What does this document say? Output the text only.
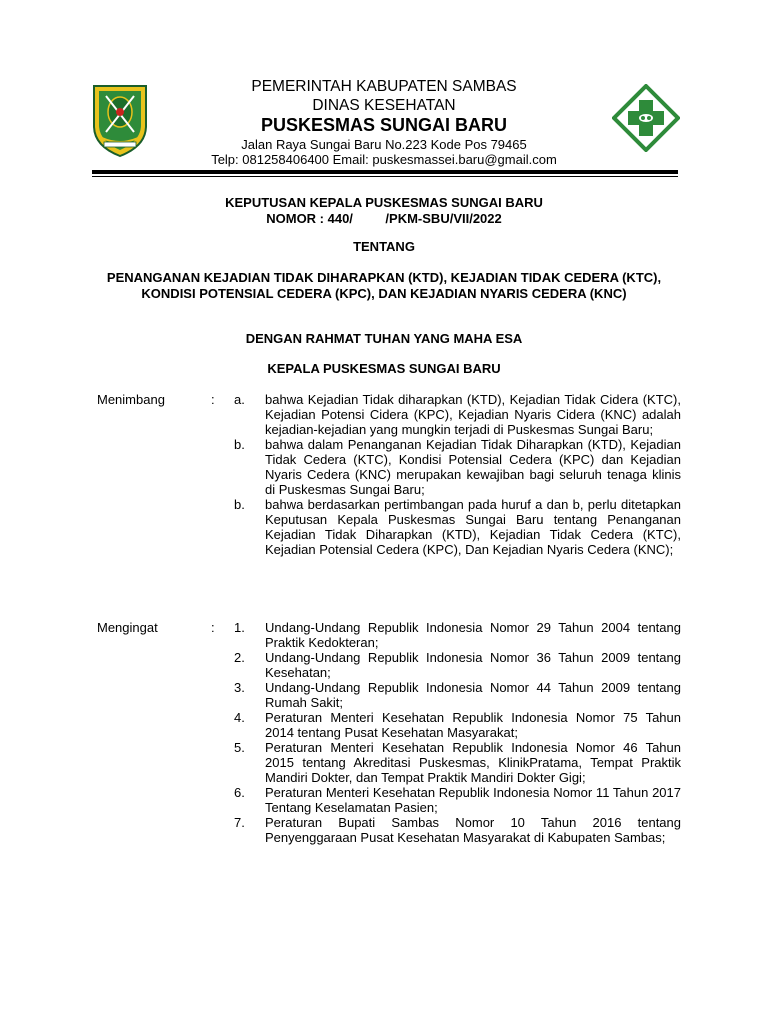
PEMERINTAH KABUPATEN SAMBAS
DINAS KESEHATAN
PUSKESMAS SUNGAI BARU
Jalan Raya Sungai Baru No.223 Kode Pos 79465
Telp: 081258406400 Email: puskesmassei.baru@gmail.com
KEPUTUSAN KEPALA PUSKESMAS SUNGAI BARU
NOMOR : 440/         /PKM-SBU/VII/2022
TENTANG
PENANGANAN KEJADIAN TIDAK DIHARAPKAN (KTD), KEJADIAN TIDAK CEDERA (KTC), KONDISI POTENSIAL CEDERA (KPC), DAN KEJADIAN NYARIS CEDERA (KNC)
DENGAN RAHMAT TUHAN YANG MAHA ESA
KEPALA PUSKESMAS SUNGAI BARU
Menimbang	: a.	bahwa Kejadian Tidak diharapkan (KTD), Kejadian Tidak Cidera (KTC), Kejadian Potensi Cidera (KPC), Kejadian Nyaris Cidera (KNC) adalah kejadian-kejadian yang mungkin terjadi di Puskesmas Sungai Baru;
b.	bahwa dalam Penanganan Kejadian Tidak Diharapkan (KTD), Kejadian Tidak Cedera (KTC), Kondisi Potensial Cedera (KPC) dan Kejadian Nyaris Cedera (KNC) merupakan kewajiban bagi seluruh tenaga klinis di Puskesmas Sungai Baru;
b.	bahwa berdasarkan pertimbangan pada huruf a dan b, perlu ditetapkan Keputusan Kepala Puskesmas Sungai Baru tentang Penanganan Kejadian Tidak Diharapkan (KTD), Kejadian Tidak Cedera (KTC), Kejadian Potensial Cedera (KPC), Dan Kejadian Nyaris Cedera (KNC);
Mengingat	: 1.	Undang-Undang Republik Indonesia Nomor 29 Tahun 2004 tentang Praktik Kedokteran;
2.	Undang-Undang Republik Indonesia Nomor 36 Tahun 2009 tentang Kesehatan;
3.	Undang-Undang Republik Indonesia Nomor 44 Tahun 2009 tentang Rumah Sakit;
4.	Peraturan Menteri Kesehatan Republik Indonesia Nomor 75 Tahun 2014 tentang Pusat Kesehatan Masyarakat;
5.	Peraturan Menteri Kesehatan Republik Indonesia Nomor 46 Tahun 2015 tentang Akreditasi Puskesmas, KlinikPratama, Tempat Praktik Mandiri Dokter, dan Tempat Praktik Mandiri Dokter Gigi;
6.	Peraturan Menteri Kesehatan Republik Indonesia Nomor 11 Tahun 2017 Tentang Keselamatan Pasien;
7.	Peraturan Bupati Sambas Nomor 10 Tahun 2016 tentang Penyenggaraan Pusat Kesehatan Masyarakat di Kabupaten Sambas;
